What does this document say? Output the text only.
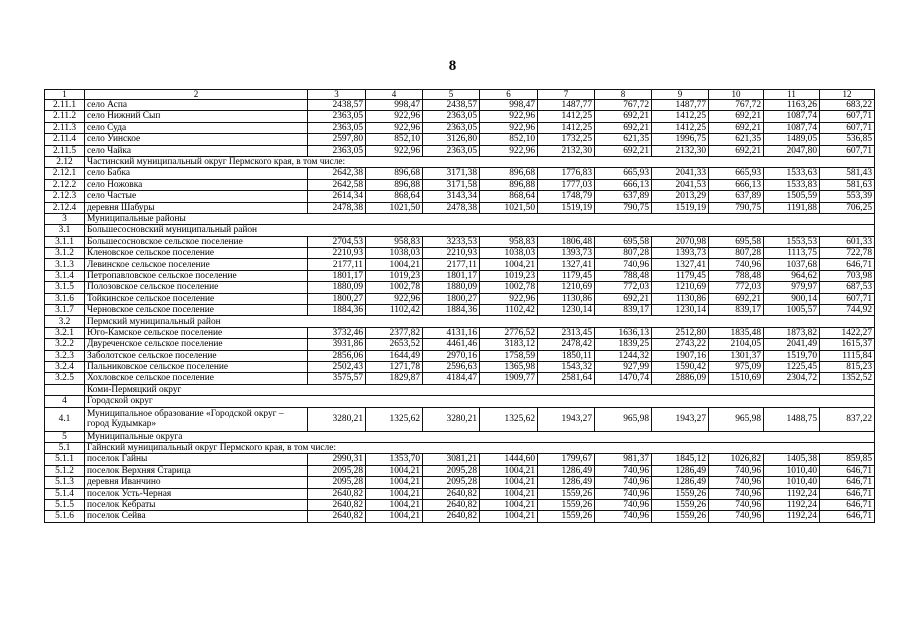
8
1	2	3	4	5	6	7	8	9	10	11	12
2.11.1	село Аспа	2438,57	998,47	2438,57	998,47	1487,77	767,72	1487,77	767,72	1163,26	683,22
2.11.2	село Нижний Сып	2363,05	922,96	2363,05	922,96	1412,25	692,21	1412,25	692,21	1087,74	607,71
2.11.3	село Суда	2363,05	922,96	2363,05	922,96	1412,25	692,21	1412,25	692,21	1087,74	607,71
2.11.4	село Уинское	2597,80	852,10	3126,80	852,10	1732,25	621,35	1996,75	621,35	1489,05	536,85
2.11.5	село Чайка	2363,05	922,96	2363,05	922,96	2132,30	692,21	2132,30	692,21	2047,80	607,71
2.12	Частинский муниципальный округ Пермского края, в том числе:										
2.12.1	село Бабка	2642,38	896,68	3171,38	896,68	1776,83	665,93	2041,33	665,93	1533,63	581,43
2.12.2	село Ножовка	2642,58	896,88	3171,58	896,88	1777,03	666,13	2041,53	666,13	1533,83	581,63
2.12.3	село Частые	2614,34	868,64	3143,34	868,64	1748,79	637,89	2013,29	637,89	1505,59	553,39
2.12.4	деревня Шабуры	2478,38	1021,50	2478,38	1021,50	1519,19	790,75	1519,19	790,75	1191,88	706,25
3	Муниципальные районы										
3.1	Большесосновский муниципальный район										
3.1.1	Большесосновское сельское поселение	2704,53	958,83	3233,53	958,83	1806,48	695,58	2070,98	695,58	1553,53	601,33
3.1.2	Кленовское сельское поселение	2210,93	1038,03	2210,93	1038,03	1393,73	807,28	1393,73	807,28	1113,75	722,78
3.1.3	Левинское сельское поселение	2177,11	1004,21	2177,11	1004,21	1327,41	740,96	1327,41	740,96	1037,68	646,71
3.1.4	Петропавловское сельское поселение	1801,17	1019,23	1801,17	1019,23	1179,45	788,48	1179,45	788,48	964,62	703,98
3.1.5	Полозовское сельское поселение	1880,09	1002,78	1880,09	1002,78	1210,69	772,03	1210,69	772,03	979,97	687,53
3.1.6	Тойкинское сельское поселение	1800,27	922,96	1800,27	922,96	1130,86	692,21	1130,86	692,21	900,14	607,71
3.1.7	Черновское сельское поселение	1884,36	1102,42	1884,36	1102,42	1230,14	839,17	1230,14	839,17	1005,57	744,92
3.2	Пермский муниципальный район										
3.2.1	Юго-Камское сельское поселение	3732,46	2377,82	4131,16	2776,52	2313,45	1636,13	2512,80	1835,48	1873,82	1422,27
3.2.2	Двуреченское сельское поселение	3931,86	2653,52	4461,46	3183,12	2478,42	1839,25	2743,22	2104,05	2041,49	1615,37
3.2.3	Заболотское сельское поселение	2856,06	1644,49	2970,16	1758,59	1850,11	1244,32	1907,16	1301,37	1519,70	1115,84
3.2.4	Пальниковское сельское поселение	2502,43	1271,78	2596,63	1365,98	1543,32	927,99	1590,42	975,09	1225,45	815,23
3.2.5	Хохловское сельское поселение	3575,57	1829,87	4184,47	1909,77	2581,64	1470,74	2886,09	1510,69	2304,72	1352,52
	Коми-Пермяцкий округ										
4	Городской округ										
4.1	Муниципальное образование «Городской округ – город Кудымкар»	3280,21	1325,62	3280,21	1325,62	1943,27	965,98	1943,27	965,98	1488,75	837,22
5	Муниципальные округа										
5.1	Гайнский муниципальный округ Пермского края, в том числе:										
5.1.1	поселок Гайны	2990,31	1353,70	3081,21	1444,60	1799,67	981,37	1845,12	1026,82	1405,38	859,85
5.1.2	поселок Верхняя Старица	2095,28	1004,21	2095,28	1004,21	1286,49	740,96	1286,49	740,96	1010,40	646,71
5.1.3	деревня Иванчино	2095,28	1004,21	2095,28	1004,21	1286,49	740,96	1286,49	740,96	1010,40	646,71
5.1.4	поселок Усть-Черная	2640,82	1004,21	2640,82	1004,21	1559,26	740,96	1559,26	740,96	1192,24	646,71
5.1.5	поселок Кебраты	2640,82	1004,21	2640,82	1004,21	1559,26	740,96	1559,26	740,96	1192,24	646,71
5.1.6	поселок Сейва	2640,82	1004,21	2640,82	1004,21	1559,26	740,96	1559,26	740,96	1192,24	646,71
